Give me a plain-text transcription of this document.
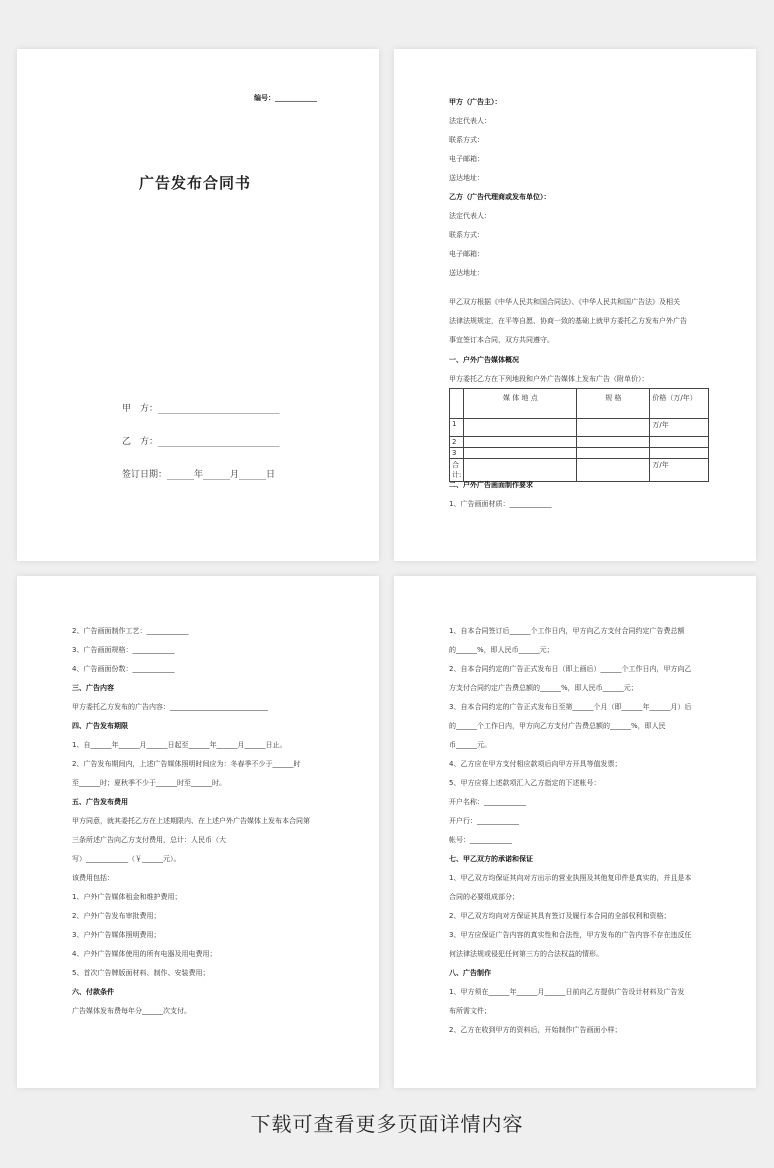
编号：____________
广告发布合同书
甲　方：___________________________
乙　方：___________________________
签订日期：______年______月______日
甲方（广告主）：
法定代表人：
联系方式：
电子邮箱：
送达地址：
乙方（广告代理商或发布单位）：
法定代表人：
联系方式：
电子邮箱：
送达地址：
甲乙双方根据《中华人民共和国合同法》、《中华人民共和国广告法》及相关
法律法规规定，在平等自愿、协商一致的基础上就甲方委托乙方发布户外广告
事宜签订本合同，双方共同遵守。
一、户外广告媒体概况
甲方委托乙方在下列地段和户外广告媒体上发布广告（附单价）：
	媒 体 地 点	规 格	价格（万/年）
1			万/年
2			
3			
合计:			万/年
二、户外广告画面制作要求
1、广告画面材质：____________
2、广告画面制作工艺：____________
3、广告画面规格：____________
4、广告画面份数：____________
三、广告内容
甲方委托乙方发布的广告内容：____________________________
四、广告发布期限
1、自______年______月______日起至______年______月______日止。
2、广告发布期间内，上述广告媒体照明时间应为：冬春季不少于______时
至______时；夏秋季不少于______时至______时。
五、广告发布费用
甲方同意，就其委托乙方在上述期限内、在上述户外广告媒体上发布本合同第
三条所述广告向乙方支付费用，总计：人民币（大
写）____________（￥______元）。
该费用包括：
1、户外广告媒体租金和维护费用；
2、户外广告发布审批费用；
3、户外广告媒体照明费用；
4、户外广告媒体使用的所有电器及用电费用；
5、首次广告牌版面材料、制作、安装费用；
六、付款条件
广告媒体发布费每年分______次支付。
1、自本合同签订后______个工作日内，甲方向乙方支付合同约定广告费总额
的______%，即人民币______元；
2、自本合同约定的广告正式发布日（即上画后）______个工作日内，甲方向乙
方支付合同约定广告费总额的______%，即人民币______元；
3、自本合同约定的广告正式发布日至第______个月（即______年______月）后
的______个工作日内，甲方向乙方支付广告费总额的______%，即人民
币______元。
4、乙方应在甲方支付相应款项后向甲方开具等值发票；
5、甲方应将上述款项汇入乙方指定的下述帐号：
开户名称：____________
开户行：____________
帐号：____________
七、甲乙双方的承诺和保证
1、甲乙双方均保证其向对方出示的营业执照及其他复印件是真实的，并且是本
合同的必要组成部分；
2、甲乙双方均向对方保证其具有签订及履行本合同的全部权利和资格；
3、甲方应保证广告内容的真实性和合法性，甲方发布的广告内容不存在违反任
何法律法规或侵犯任何第三方的合法权益的情形。
八、广告制作
1、甲方须在______年______月______日前向乙方提供广告设计材料及广告发
布所需文件；
2、乙方在收到甲方的资料后，开始制作广告画面小样；
下载可查看更多页面详情内容
